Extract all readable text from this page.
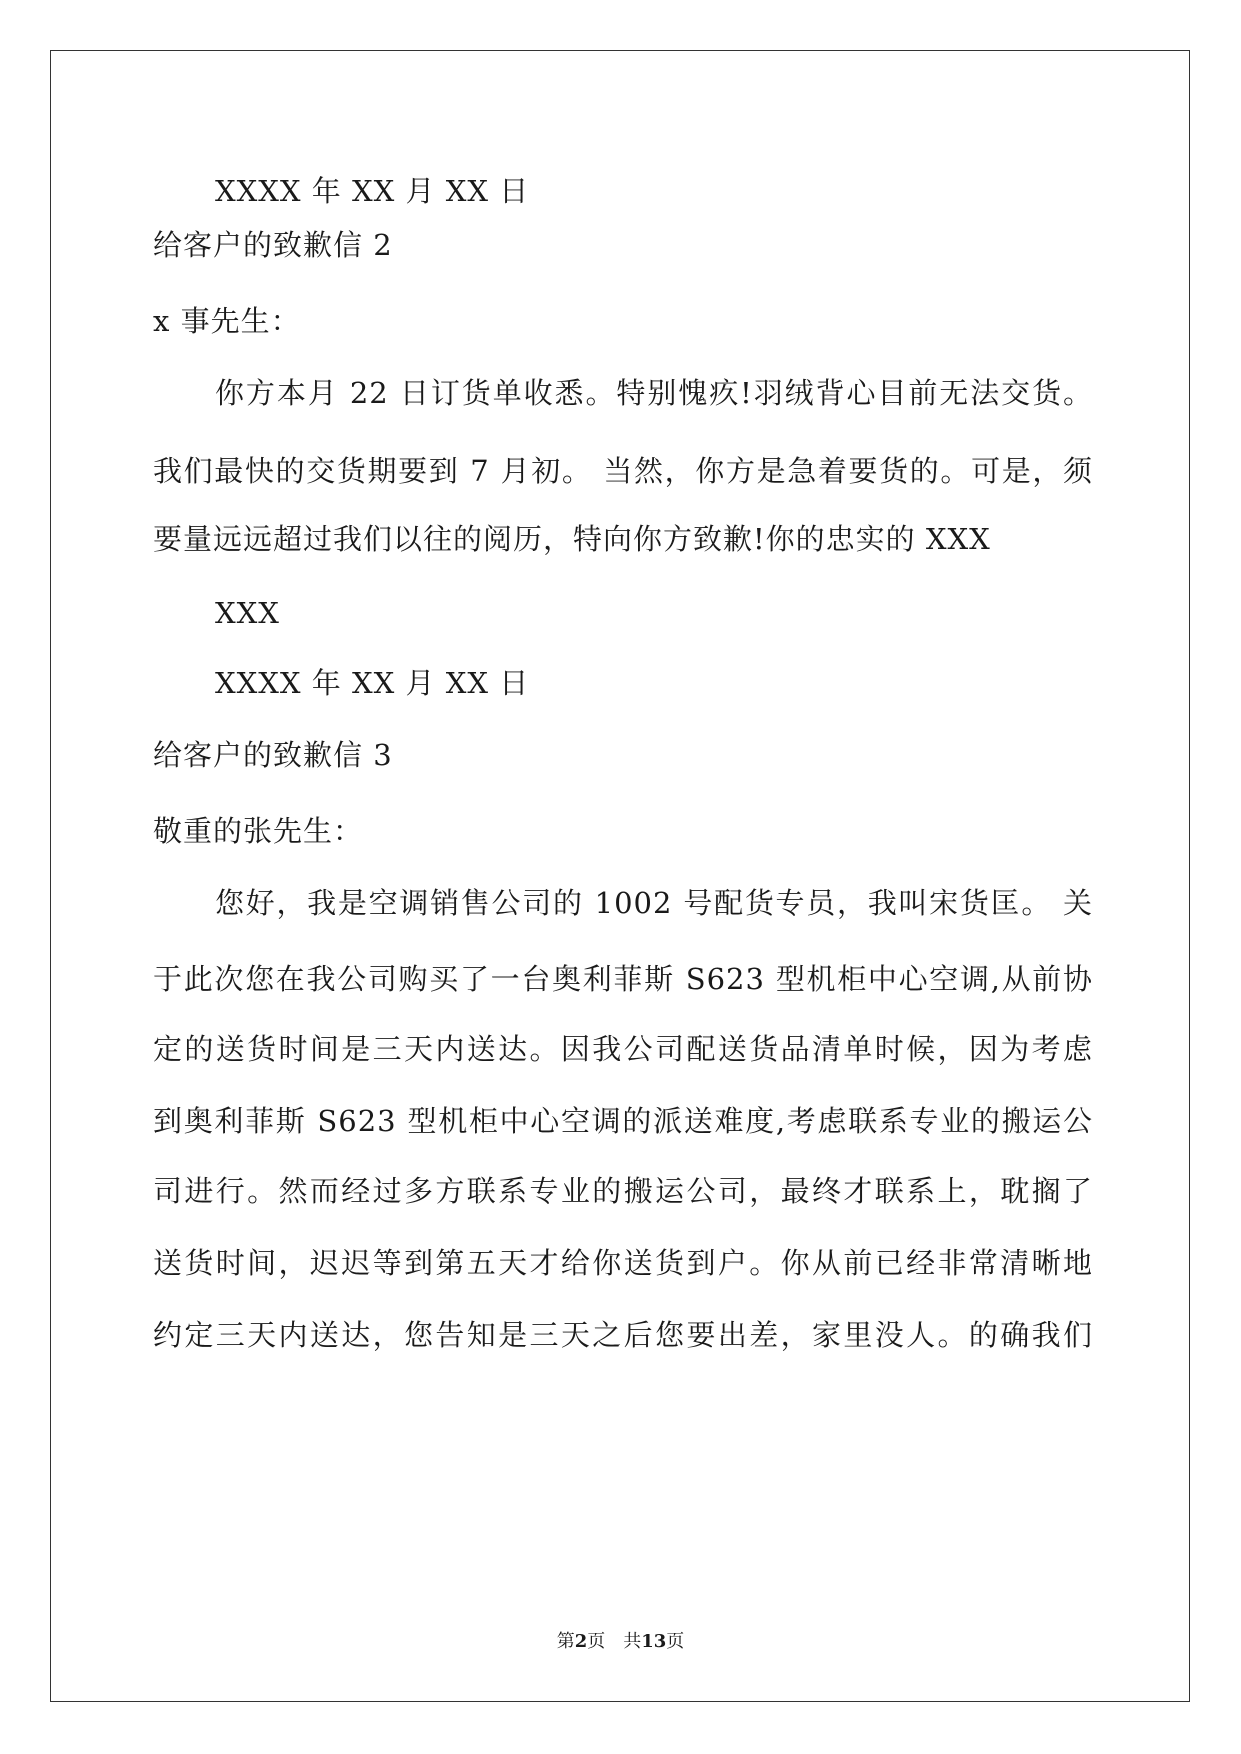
XXXX 年 XX 月 XX 日
给客户的致歉信 2
x 事先生：
你方本月 22 日订货单收悉。特别愧疚!羽绒背心目前无法交货。
我们最快的交货期要到 7 月初。 当然，你方是急着要货的。可是，须
要量远远超过我们以往的阅历，特向你方致歉!你的忠实的 XXX
XXX
XXXX 年 XX 月 XX 日
给客户的致歉信 3
敬重的张先生：
您好，我是空调销售公司的 1002 号配货专员，我叫宋货匡。 关
于此次您在我公司购买了一台奥利菲斯 S623 型机柜中心空调,从前协
定的送货时间是三天内送达。因我公司配送货品清单时候，因为考虑
到奥利菲斯 S623 型机柜中心空调的派送难度,考虑联系专业的搬运公
司进行。然而经过多方联系专业的搬运公司，最终才联系上，耽搁了
送货时间，迟迟等到第五天才给你送货到户。你从前已经非常清晰地
约定三天内送达，您告知是三天之后您要出差，家里没人。的确我们
第2页 共13页
